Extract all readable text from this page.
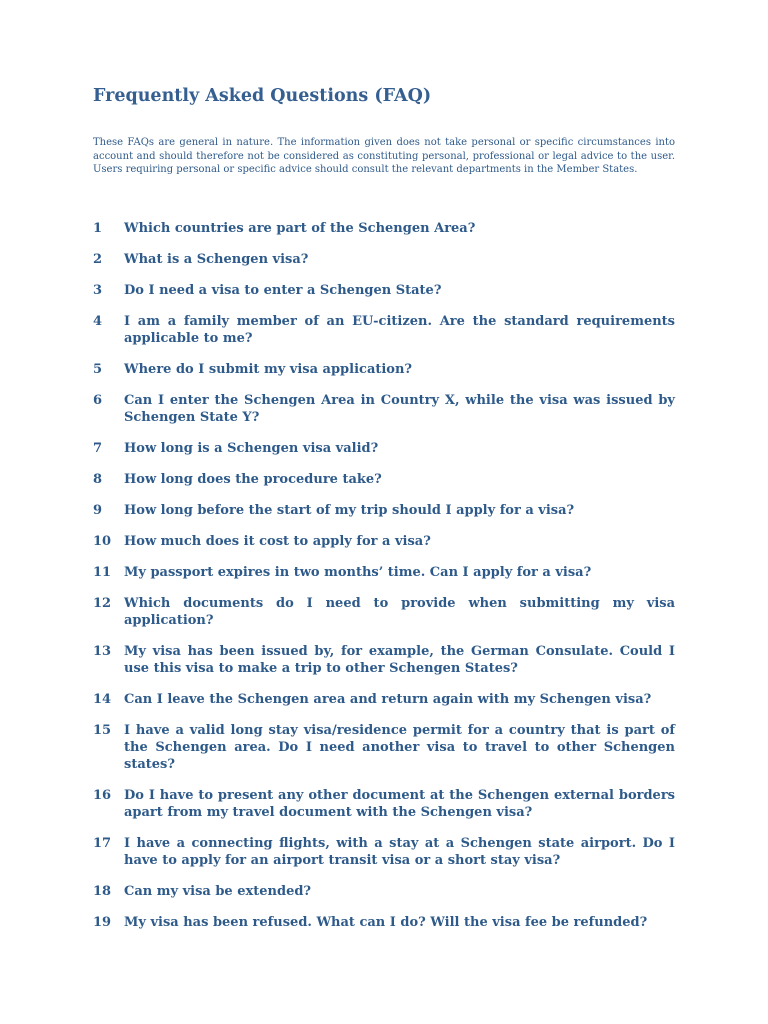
Frequently Asked Questions (FAQ)

These FAQs are general in nature. The information given does not take personal or specific circumstances into account and should therefore not be considered as constituting personal, professional or legal advice to the user. Users requiring personal or specific advice should consult the relevant departments in the Member States.

1	Which countries are part of the Schengen Area?
2	What is a Schengen visa?
3	Do I need a visa to enter a Schengen State?
4	I am a family member of an EU-citizen. Are the standard requirements applicable to me?
5	Where do I submit my visa application?
6	Can I enter the Schengen Area in Country X, while the visa was issued by Schengen State Y?
7	How long is a Schengen visa valid?
8	How long does the procedure take?
9	How long before the start of my trip should I apply for a visa?
10 How much does it cost to apply for a visa?
11 My passport expires in two months’ time. Can I apply for a visa?
12 Which documents do I need to provide when submitting my visa application?
13 My visa has been issued by, for example, the German Consulate. Could I use this visa to make a trip to other Schengen States?
14 Can I leave the Schengen area and return again with my Schengen visa?
15 I have a valid long stay visa/residence permit for a country that is part of the Schengen area. Do I need another visa to travel to other Schengen states?
16 Do I have to present any other document at the Schengen external borders apart from my travel document with the Schengen visa?
17 I have a connecting flights, with a stay at a Schengen state airport. Do I have to apply for an airport transit visa or a short stay visa?
18 Can my visa be extended?
19 My visa has been refused. What can I do? Will the visa fee be refunded?
